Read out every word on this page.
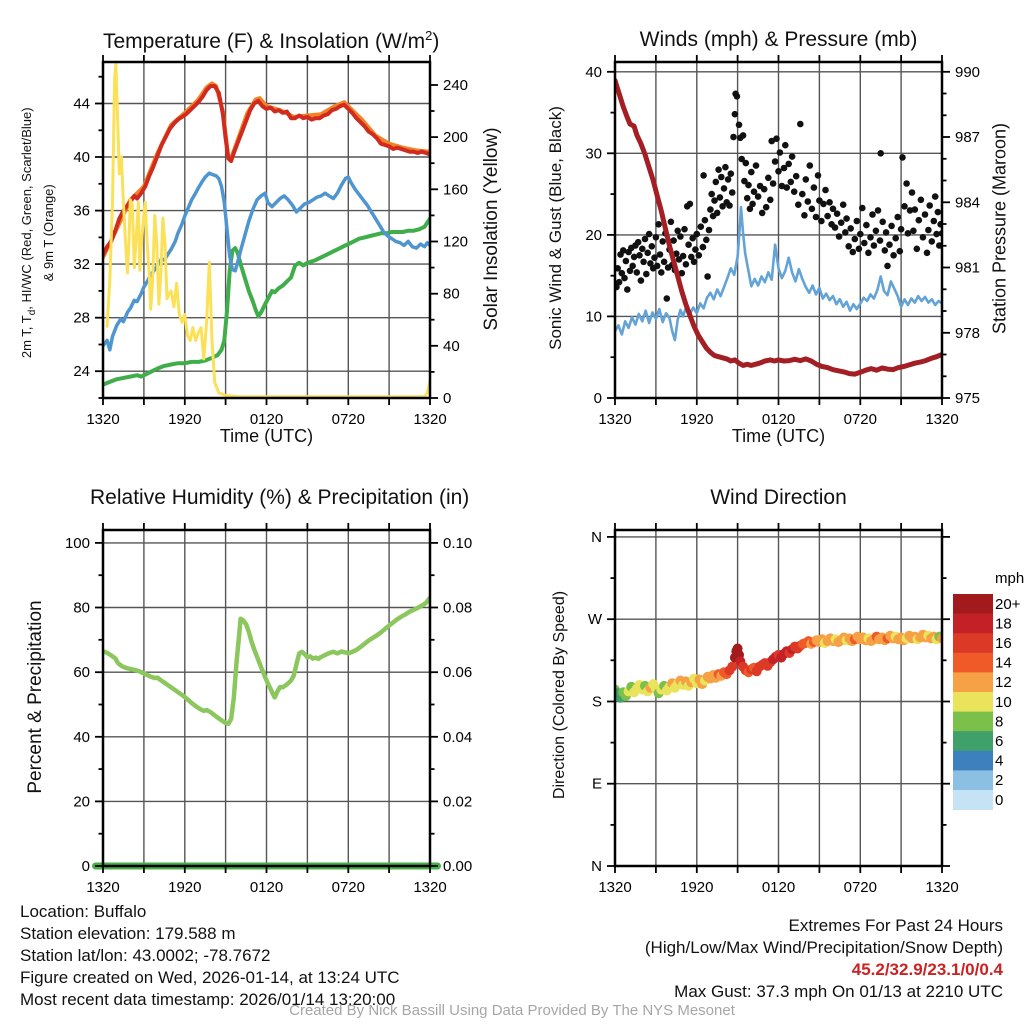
1320	1920	0120	0720	1320
24
28
32
36
40
44
0
40
80
120
160
200
240
1320	1920	0120	0720	1320
0
10
20
30
40
975
978
981
984
987
990
1320	1920	0120	0720	1320
0
20
40
60
80
100
0.00
0.02
0.04
0.06
0.08
0.10
1320	1920	0120	0720	1320
N
E
S
W
N
mph
20+
18
16
14
12
10
8
6
4
2
0
Temperature (F) & Insolation $(W/m^2)$	Winds (mph) & Pressure (mb)
Relative Humidity (%) & Precipitation (in)	Wind Direction
2m T, $T_d$, HI/WC (Red, Green, Scarlet/Blue) & 9m T (Orange)	Solar Insolation (Yellow)	Sonic Wind & Gust (Blue, Black)	Station Pressure (Maroon)
Percent & Precipitation	Direction (Colored By Speed)
Time (UTC)	Time (UTC)
Location: Buffalo
Station elevation: 179.588 m
Station lat/lon: 43.0002; -78.7672
Figure created on Wed, 2026-01-14, at 13:24 UTC
Most recent data timestamp: 2026/01/14 13:20:00
Extremes For Past 24 Hours
(High/Low/Max Wind/Precipitation/Snow Depth)
45.2/32.9/23.1/0/0.4
Max Gust: 37.3 mph On 01/13 at 2210 UTC
Created By Nick Bassill Using Data Provided By The NYS Mesonet
